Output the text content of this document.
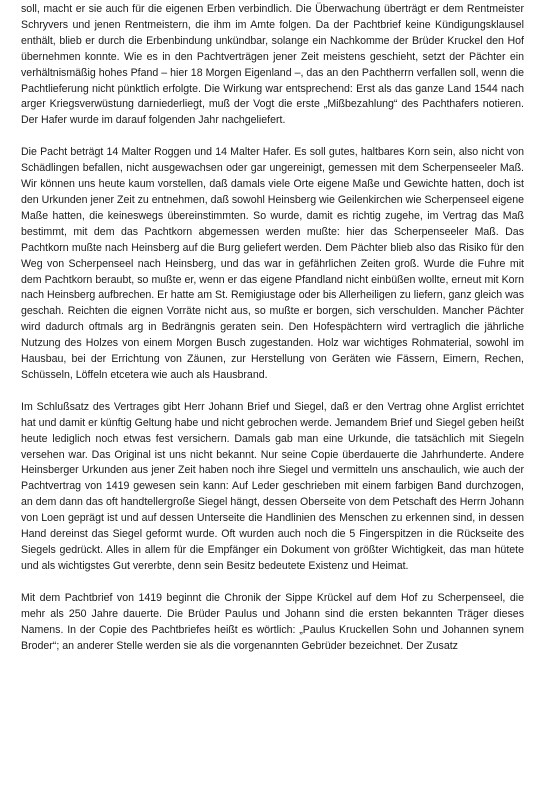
soll, macht er sie auch für die eigenen Erben verbindlich. Die Überwachung überträgt er dem Rentmeister Schryvers und jenen Rentmeistern, die ihm im Amte folgen. Da der Pachtbrief keine Kündigungsklausel enthält, blieb er durch die Erbenbindung unkündbar, solange ein Nachkomme der Brüder Kruckel den Hof übernehmen konnte. Wie es in den Pachtverträgen jener Zeit meistens geschieht, setzt der Pächter ein verhältnismäßig hohes Pfand – hier 18 Morgen Eigenland –, das an den Pachtherrn verfallen soll, wenn die Pachtlieferung nicht pünktlich erfolgte. Die Wirkung war entsprechend: Erst als das ganze Land 1544 nach arger Kriegsverwüstung darniederliegt, muß der Vogt die erste „Mißbezahlung“ des Pachthafers notieren. Der Hafer wurde im darauf folgenden Jahr nachgeliefert.

Die Pacht beträgt 14 Malter Roggen und 14 Malter Hafer. Es soll gutes, haltbares Korn sein, also nicht von Schädlingen befallen, nicht ausgewachsen oder gar ungereinigt, gemessen mit dem Scherpenseeler Maß. Wir können uns heute kaum vorstellen, daß damals viele Orte eigene Maße und Gewichte hatten, doch ist den Urkunden jener Zeit zu entnehmen, daß sowohl Heinsberg wie Geilenkirchen wie Scherpenseel eigene Maße hatten, die keineswegs übereinstimmten. So wurde, damit es richtig zugehe, im Vertrag das Maß bestimmt, mit dem das Pachtkorn abgemessen werden mußte: hier das Scherpenseeler Maß. Das Pachtkorn mußte nach Heinsberg auf die Burg geliefert werden. Dem Pächter blieb also das Risiko für den Weg von Scherpenseel nach Heinsberg, und das war in gefährlichen Zeiten groß. Wurde die Fuhre mit dem Pachtkorn beraubt, so mußte er, wenn er das eigene Pfandland nicht einbüßen wollte, erneut mit Korn nach Heinsberg aufbrechen. Er hatte am St. Remigiustage oder bis Allerheiligen zu liefern, ganz gleich was geschah. Reichten die eignen Vorräte nicht aus, so mußte er borgen, sich verschulden. Mancher Pächter wird dadurch oftmals arg in Bedrängnis geraten sein. Den Hofespächtern wird vertraglich die jährliche Nutzung des Holzes von einem Morgen Busch zugestanden. Holz war wichtiges Rohmaterial, sowohl im Hausbau, bei der Errichtung von Zäunen, zur Herstellung von Geräten wie Fässern, Eimern, Rechen, Schüsseln, Löffeln etcetera wie auch als Hausbrand.

Im Schlußsatz des Vertrages gibt Herr Johann Brief und Siegel, daß er den Vertrag ohne Arglist errichtet hat und damit er künftig Geltung habe und nicht gebrochen werde. Jemandem Brief und Siegel geben heißt heute lediglich noch etwas fest versichern. Damals gab man eine Urkunde, die tatsächlich mit Siegeln versehen war. Das Original ist uns nicht bekannt. Nur seine Copie überdauerte die Jahrhunderte. Andere Heinsberger Urkunden aus jener Zeit haben noch ihre Siegel und vermitteln uns anschaulich, wie auch der Pachtvertrag von 1419 gewesen sein kann: Auf Leder geschrieben mit einem farbigen Band durchzogen, an dem dann das oft handtellergroße Siegel hängt, dessen Oberseite von dem Petschaft des Herrn Johann von Loen geprägt ist und auf dessen Unterseite die Handlinien des Menschen zu erkennen sind, in dessen Hand dereinst das Siegel geformt wurde. Oft wurden auch noch die 5 Fingerspitzen in die Rückseite des Siegels gedrückt. Alles in allem für die Empfänger ein Dokument von größter Wichtigkeit, das man hütete und als wichtigstes Gut vererbte, denn sein Besitz bedeutete Existenz und Heimat.

Mit dem Pachtbrief von 1419 beginnt die Chronik der Sippe Krückel auf dem Hof zu Scherpenseel, die mehr als 250 Jahre dauerte. Die Brüder Paulus und Johann sind die ersten bekannten Träger dieses Namens. In der Copie des Pachtbriefes heißt es wörtlich: „Paulus Kruckellen Sohn und Johannen synem Broder“; an anderer Stelle werden sie als die vorgenannten Gebrüder bezeichnet. Der Zusatz
